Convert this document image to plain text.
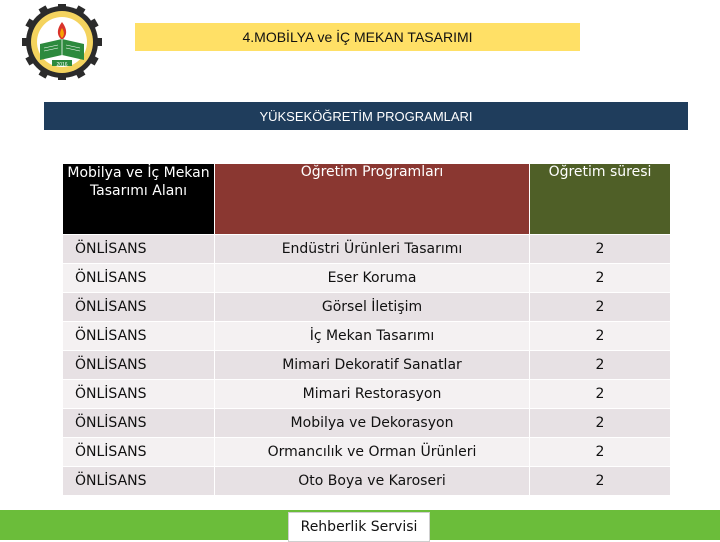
2016
4.MOBİLYA ve İÇ MEKAN TASARIMI
YÜKSEKÖĞRETİM PROGRAMLARI
Mobilya ve İç Mekan Tasarımı Alanı	Öğretim Programları	Öğretim süresi
ÖNLİSANS	Endüstri Ürünleri Tasarımı	2
ÖNLİSANS	Eser Koruma	2
ÖNLİSANS	Görsel İletişim	2
ÖNLİSANS	İç Mekan Tasarımı	2
ÖNLİSANS	Mimari Dekoratif Sanatlar	2
ÖNLİSANS	Mimari Restorasyon	2
ÖNLİSANS	Mobilya ve Dekorasyon	2
ÖNLİSANS	Ormancılık ve Orman Ürünleri	2
ÖNLİSANS	Oto Boya ve Karoseri	2
Rehberlik Servisi
